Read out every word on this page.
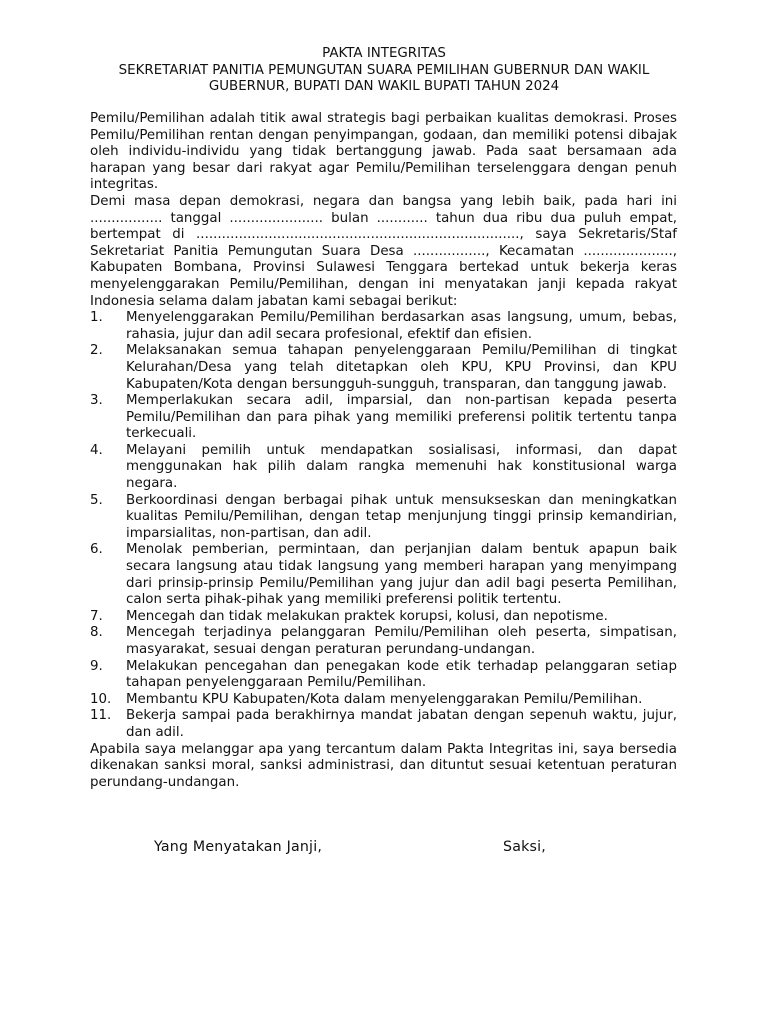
PAKTA INTEGRITAS
SEKRETARIAT PANITIA PEMUNGUTAN SUARA PEMILIHAN GUBERNUR DAN WAKIL
GUBERNUR, BUPATI DAN WAKIL BUPATI TAHUN 2024

Pemilu/Pemilihan adalah titik awal strategis bagi perbaikan kualitas demokrasi. Proses Pemilu/Pemilihan rentan dengan penyimpangan, godaan, dan memiliki potensi dibajak oleh individu-individu yang tidak bertanggung jawab. Pada saat bersamaan ada harapan yang besar dari rakyat agar Pemilu/Pemilihan terselenggara dengan penuh integritas.

Demi masa depan demokrasi, negara dan bangsa yang lebih baik, pada hari ini ................. tanggal ...................... bulan ............ tahun dua ribu dua puluh empat, bertempat di ............................................................................, saya Sekretaris/Staf Sekretariat Panitia Pemungutan Suara Desa ................., Kecamatan ....................., Kabupaten Bombana, Provinsi Sulawesi Tenggara bertekad untuk bekerja keras menyelenggarakan Pemilu/Pemilihan, dengan ini menyatakan janji kepada rakyat Indonesia selama dalam jabatan kami sebagai berikut:

1.	Menyelenggarakan Pemilu/Pemilihan berdasarkan asas langsung, umum, bebas, rahasia, jujur dan adil secara profesional, efektif dan efisien.
2.	Melaksanakan semua tahapan penyelenggaraan Pemilu/Pemilihan di tingkat Kelurahan/Desa yang telah ditetapkan oleh KPU, KPU Provinsi, dan KPU Kabupaten/Kota dengan bersungguh-sungguh, transparan, dan tanggung jawab.
3.	Memperlakukan secara adil, imparsial, dan non-partisan kepada peserta Pemilu/Pemilihan dan para pihak yang memiliki preferensi politik tertentu tanpa terkecuali.
4.	Melayani pemilih untuk mendapatkan sosialisasi, informasi, dan dapat menggunakan hak pilih dalam rangka memenuhi hak konstitusional warga negara.
5.	Berkoordinasi dengan berbagai pihak untuk mensukseskan dan meningkatkan kualitas Pemilu/Pemilihan, dengan tetap menjunjung tinggi prinsip kemandirian, imparsialitas, non-partisan, dan adil.
6.	Menolak pemberian, permintaan, dan perjanjian dalam bentuk apapun baik secara langsung atau tidak langsung yang memberi harapan yang menyimpang dari prinsip-prinsip Pemilu/Pemilihan yang jujur dan adil bagi peserta Pemilihan, calon serta pihak-pihak yang memiliki preferensi politik tertentu.
7.	Mencegah dan tidak melakukan praktek korupsi, kolusi, dan nepotisme.
8.	Mencegah terjadinya pelanggaran Pemilu/Pemilihan oleh peserta, simpatisan, masyarakat, sesuai dengan peraturan perundang-undangan.
9.	Melakukan pencegahan dan penegakan kode etik terhadap pelanggaran setiap tahapan penyelenggaraan Pemilu/Pemilihan.
10.	Membantu KPU Kabupaten/Kota dalam menyelenggarakan Pemilu/Pemilihan.
11.	Bekerja sampai pada berakhirnya mandat jabatan dengan sepenuh waktu, jujur, dan adil.

Apabila saya melanggar apa yang tercantum dalam Pakta Integritas ini, saya bersedia dikenakan sanksi moral, sanksi administrasi, dan dituntut sesuai ketentuan peraturan perundang-undangan.

Yang Menyatakan Janji,	Saksi,
